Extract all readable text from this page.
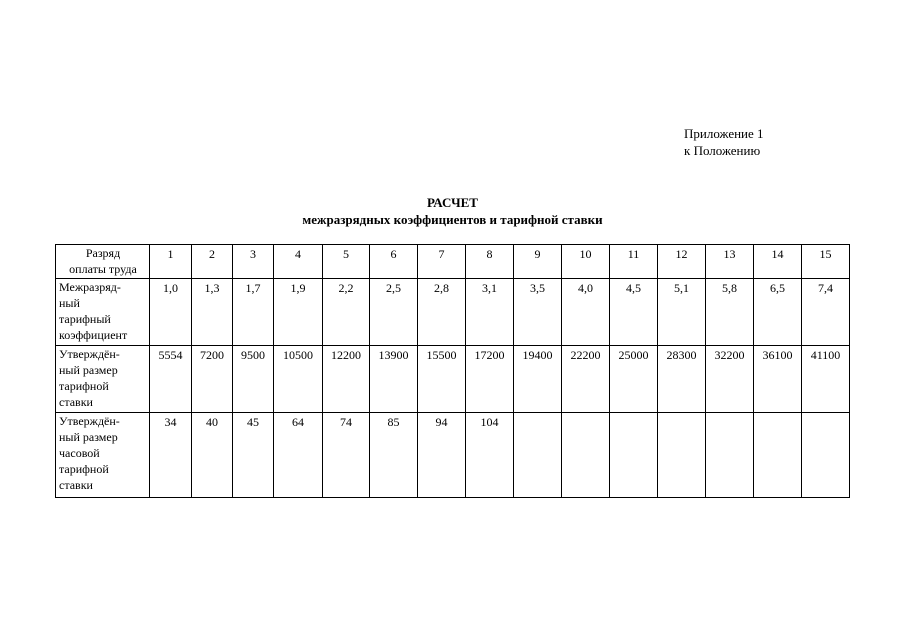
Приложение 1
к Положению
РАСЧЕТ
межразрядных коэффициентов и тарифной ставки
Разряд
оплаты труда	1	2	3	4	5	6	7	8	9	10	11	12	13	14	15

Межразряд-
ный
тарифный
коэффициент	1,0	1,3	1,7	1,9	2,2	2,5	2,8	3,1	3,5	4,0	4,5	5,1	5,8	6,5	7,4

Утверждён-
ный размер
тарифной
ставки	5554	7200	9500	10500	12200	13900	15500	17200	19400	22200	25000	28300	32200	36100	41100

Утверждён-
ный размер
часовой
тарифной
ставки	34	40	45	64	74	85	94	104							
